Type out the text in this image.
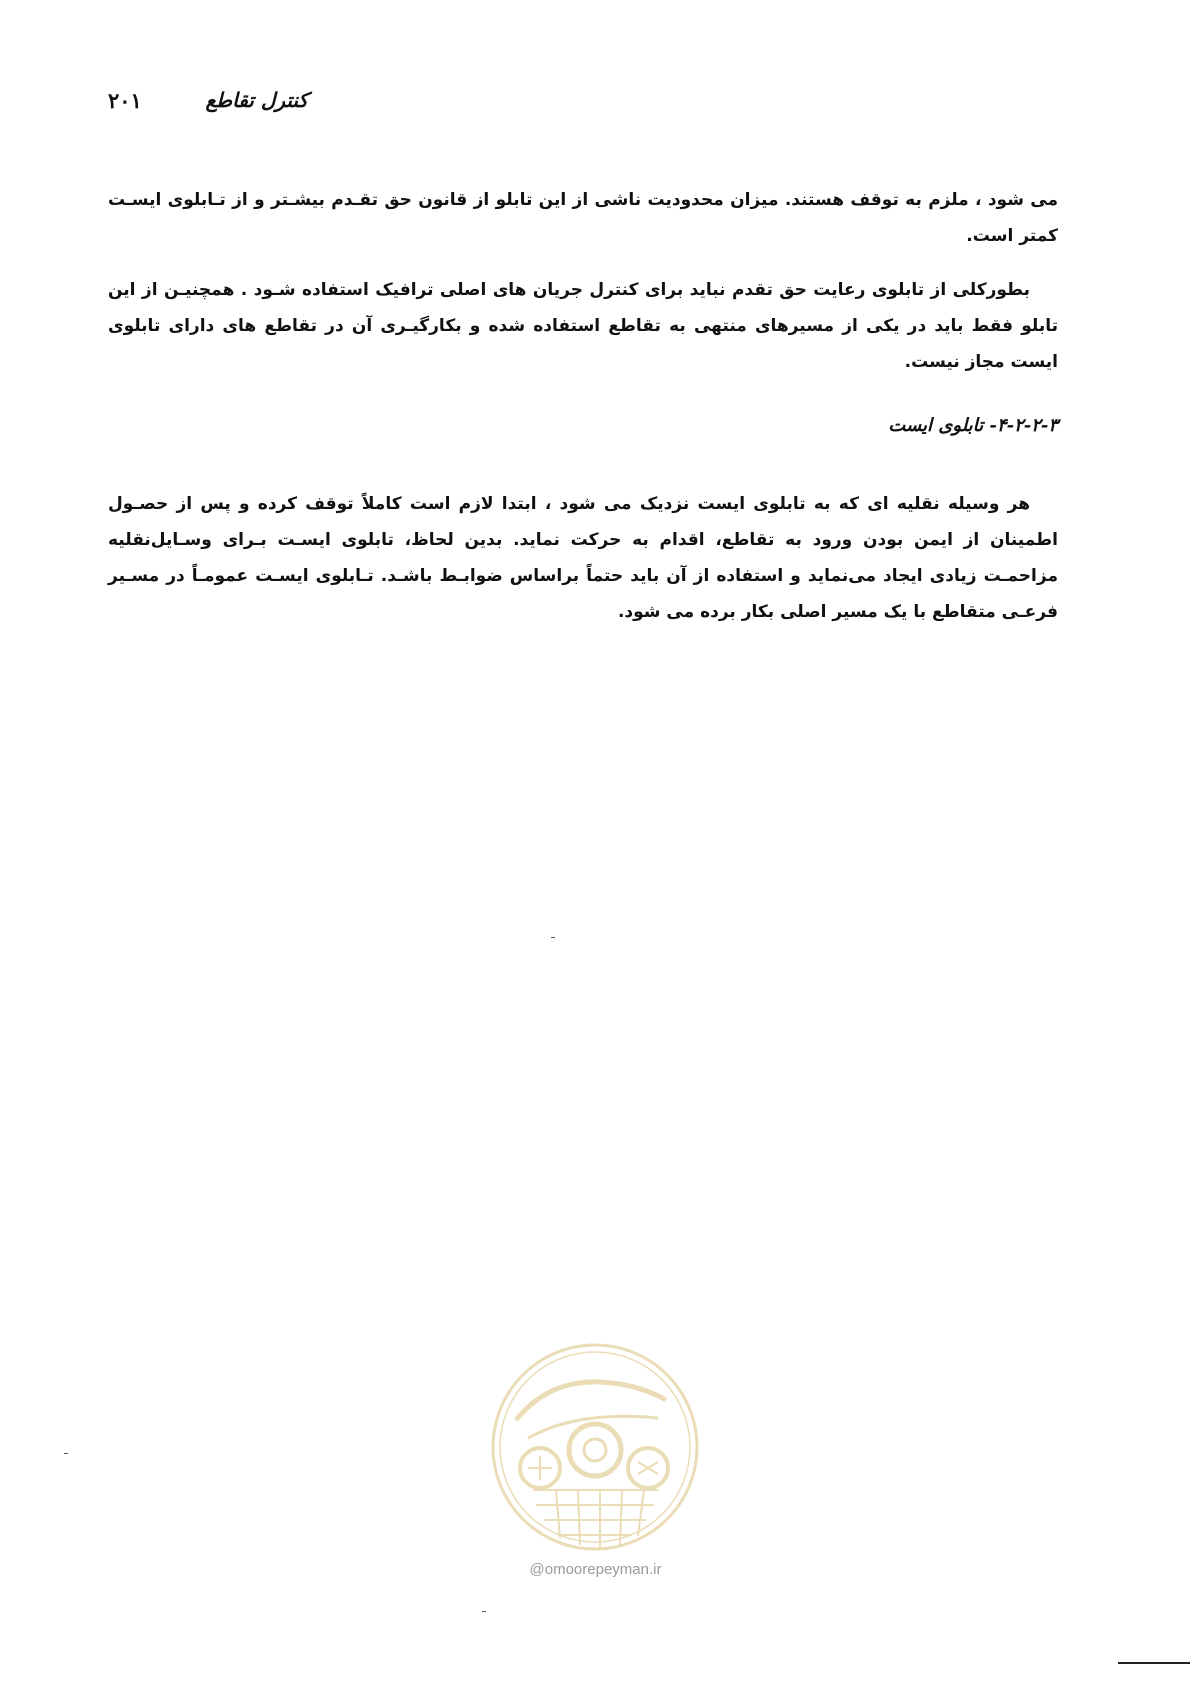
کنترل تقاطع
۲۰۱

می شود ، ملزم به توقف هستند. میزان محدودیت ناشی از این تابلو از قانون حق تقـدم بیشـتر و از تـابلوی ایسـت کمتر است.

بطورکلی از تابلوی رعایت حق تقدم نباید برای کنترل جریان های اصلی ترافیک استفاده شـود . همچنیـن از این تابلو فقط باید در یکی از مسیرهای منتهی به تقاطع استفاده شده و بکارگیـری آن در تقاطع های دارای تابلوی ایست مجاز نیست.

۴-۲-۲-۳- تابلوی ایست

هر وسیله نقلیه ای که به تابلوی ایست نزدیک می شود ، ابتدا لازم است کاملاً توقف کرده و پس از حصـول اطمینان از ایمن بودن ورود به تقاطع، اقدام به حرکت نماید. بدین لحاظ، تابلوی ایسـت بـرای وسـایل‌نقلیه مزاحمـت زیادی ایجاد می‌نماید و استفاده از آن باید حتماً براساس ضوابـط باشـد. تـابلوی ایسـت عمومـاً در مسـیر فرعـی متقاطع با یک مسیر اصلی بکار برده می شود.

@omoorepeyman.ir
